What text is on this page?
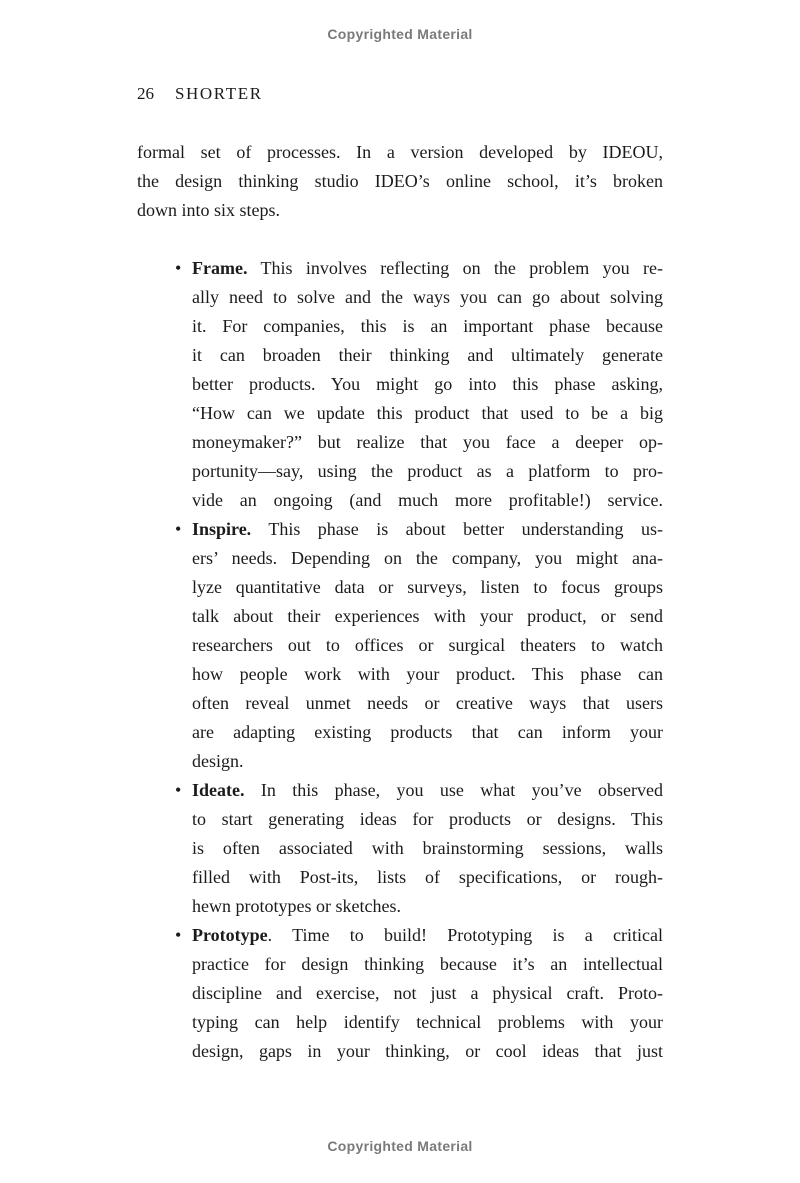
Copyrighted Material
26 SHORTER
formal set of processes. In a version developed by IDEOU,
the design thinking studio IDEO’s online school, it’s broken
down into six steps.
• Frame. This involves reflecting on the problem you re-
ally need to solve and the ways you can go about solving
it. For companies, this is an important phase because
it can broaden their thinking and ultimately generate
better products. You might go into this phase asking,
“How can we update this product that used to be a big
moneymaker?” but realize that you face a deeper op-
portunity—say, using the product as a platform to pro-
vide an ongoing (and much more profitable!) service.
• Inspire. This phase is about better understanding us-
ers’ needs. Depending on the company, you might ana-
lyze quantitative data or surveys, listen to focus groups
talk about their experiences with your product, or send
researchers out to offices or surgical theaters to watch
how people work with your product. This phase can
often reveal unmet needs or creative ways that users
are adapting existing products that can inform your
design.
• Ideate. In this phase, you use what you’ve observed
to start generating ideas for products or designs. This
is often associated with brainstorming sessions, walls
filled with Post-its, lists of specifications, or rough-
hewn prototypes or sketches.
• Prototype. Time to build! Prototyping is a critical
practice for design thinking because it’s an intellectual
discipline and exercise, not just a physical craft. Proto-
typing can help identify technical problems with your
design, gaps in your thinking, or cool ideas that just
Copyrighted Material
